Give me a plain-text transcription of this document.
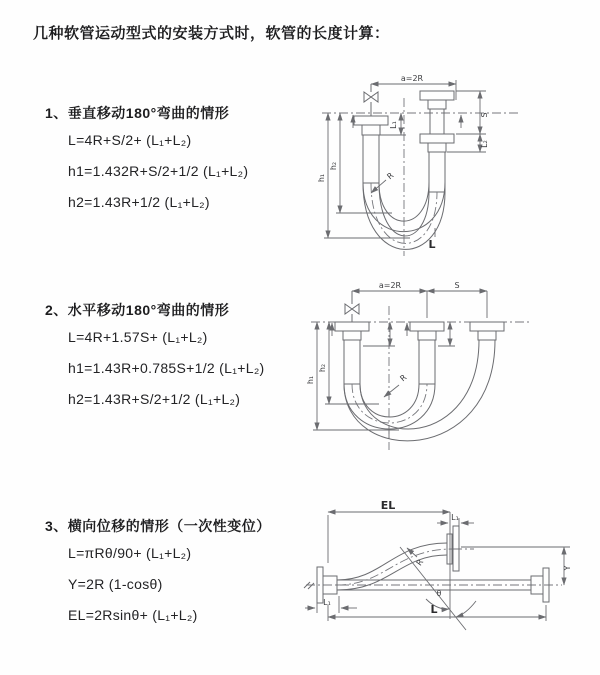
几种软管运动型式的安装方式时，软管的长度计算：
1、垂直移动180°弯曲的情形
L=4R+S/2+ (L₁+L₂)
h1=1.432R+S/2+1/2 (L₁+L₂)
h2=1.43R+1/2 (L₁+L₂)
2、水平移动180°弯曲的情形
L=4R+1.57S+ (L₁+L₂)
h1=1.43R+0.785S+1/2 (L₁+L₂)
h2=1.43R+S/2+1/2 (L₁+L₂)
3、横向位移的情形（一次性变位）
L=πRθ/90+ (L₁+L₂)
Y=2R (1-cosθ)
EL=2Rsinθ+ (L₁+L₂)
a=2R
S
L₂
L₁
h₁
h₂
R
L
a=2R	S
h₁
h₂
R
EL
L₁
Y
L
L₁
R
θ
